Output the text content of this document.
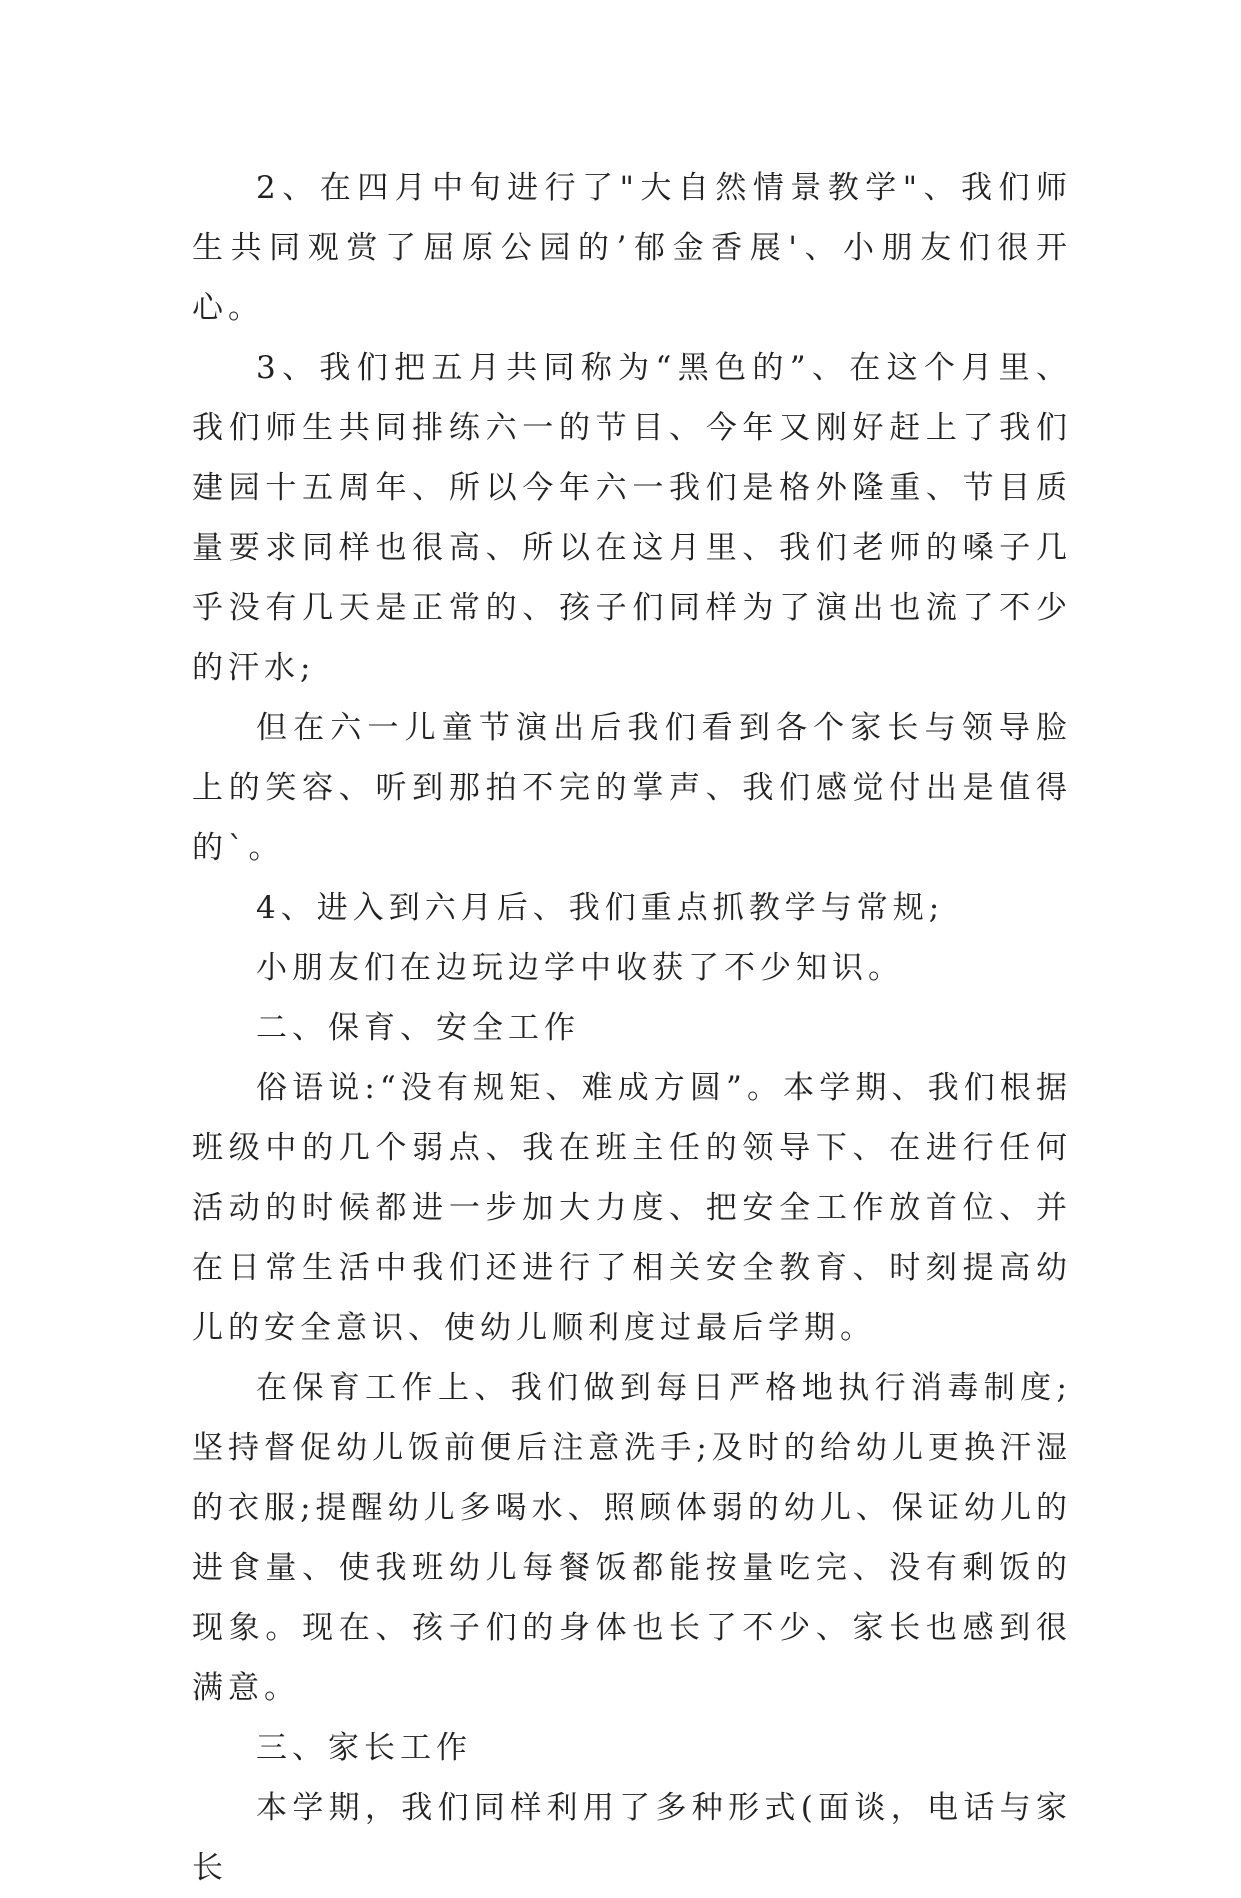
2、在四月中旬进行了"大自然情景教学"、我们师生共同观赏了屈原公园的’郁金香展'、小朋友们很开心。

3、我们把五月共同称为“黑色的”、在这个月里、我们师生共同排练六一的节目、今年又刚好赶上了我们建园十五周年、所以今年六一我们是格外隆重、节目质量要求同样也很高、所以在这月里、我们老师的嗓子几乎没有几天是正常的、孩子们同样为了演出也流了不少的汗水;

但在六一儿童节演出后我们看到各个家长与领导脸上的笑容、听到那拍不完的掌声、我们感觉付出是值得的`。

4、进入到六月后、我们重点抓教学与常规;

小朋友们在边玩边学中收获了不少知识。

二、保育、安全工作

俗语说:“没有规矩、难成方圆”。本学期、我们根据班级中的几个弱点、我在班主任的领导下、在进行任何活动的时候都进一步加大力度、把安全工作放首位、并在日常生活中我们还进行了相关安全教育、时刻提高幼儿的安全意识、使幼儿顺利度过最后学期。

在保育工作上、我们做到每日严格地执行消毒制度;坚持督促幼儿饭前便后注意洗手;及时的给幼儿更换汗湿的衣服;提醒幼儿多喝水、照顾体弱的幼儿、保证幼儿的进食量、使我班幼儿每餐饭都能按量吃完、没有剩饭的现象。现在、孩子们的身体也长了不少、家长也感到很满意。

三、家长工作

本学期，我们同样利用了多种形式(面谈，电话与家长
